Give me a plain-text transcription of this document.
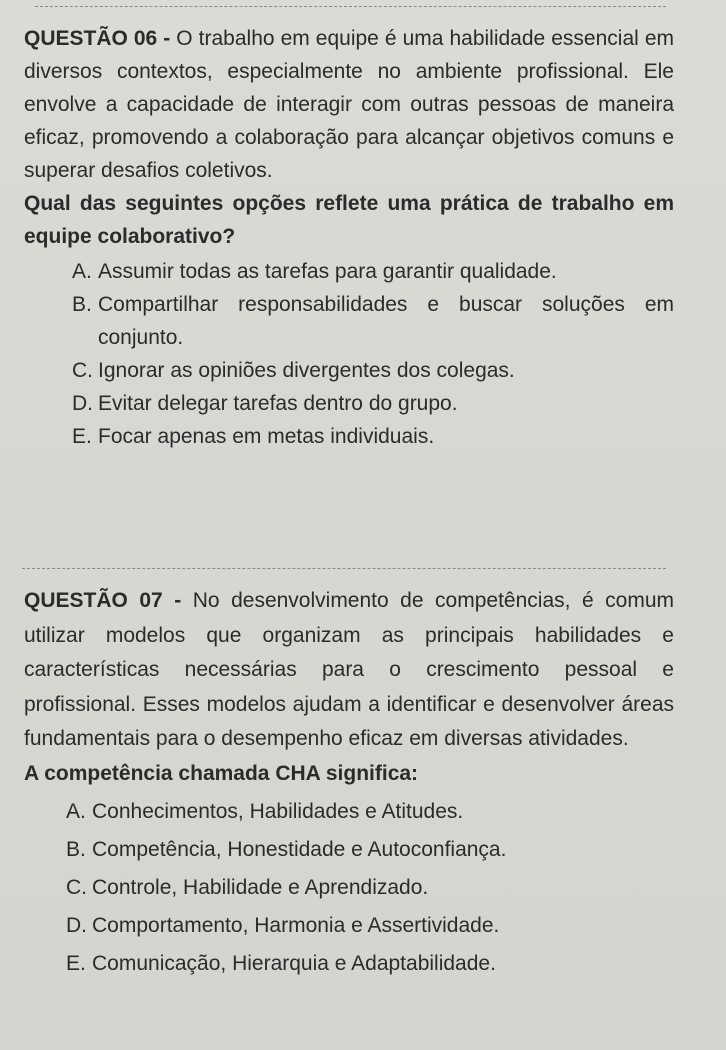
QUESTÃO 06 - O trabalho em equipe é uma habilidade essencial em diversos contextos, especialmente no ambiente profissional. Ele envolve a capacidade de interagir com outras pessoas de maneira eficaz, promovendo a colaboração para alcançar objetivos comuns e superar desafios coletivos.

Qual das seguintes opções reflete uma prática de trabalho em equipe colaborativo?

A. Assumir todas as tarefas para garantir qualidade.
B. Compartilhar responsabilidades e buscar soluções em conjunto.
C. Ignorar as opiniões divergentes dos colegas.
D. Evitar delegar tarefas dentro do grupo.
E. Focar apenas em metas individuais.

QUESTÃO 07 - No desenvolvimento de competências, é comum utilizar modelos que organizam as principais habilidades e características necessárias para o crescimento pessoal e profissional. Esses modelos ajudam a identificar e desenvolver áreas fundamentais para o desempenho eficaz em diversas atividades.

A competência chamada CHA significa:

A. Conhecimentos, Habilidades e Atitudes.
B. Competência, Honestidade e Autoconfiança.
C. Controle, Habilidade e Aprendizado.
D. Comportamento, Harmonia e Assertividade.
E. Comunicação, Hierarquia e Adaptabilidade.
